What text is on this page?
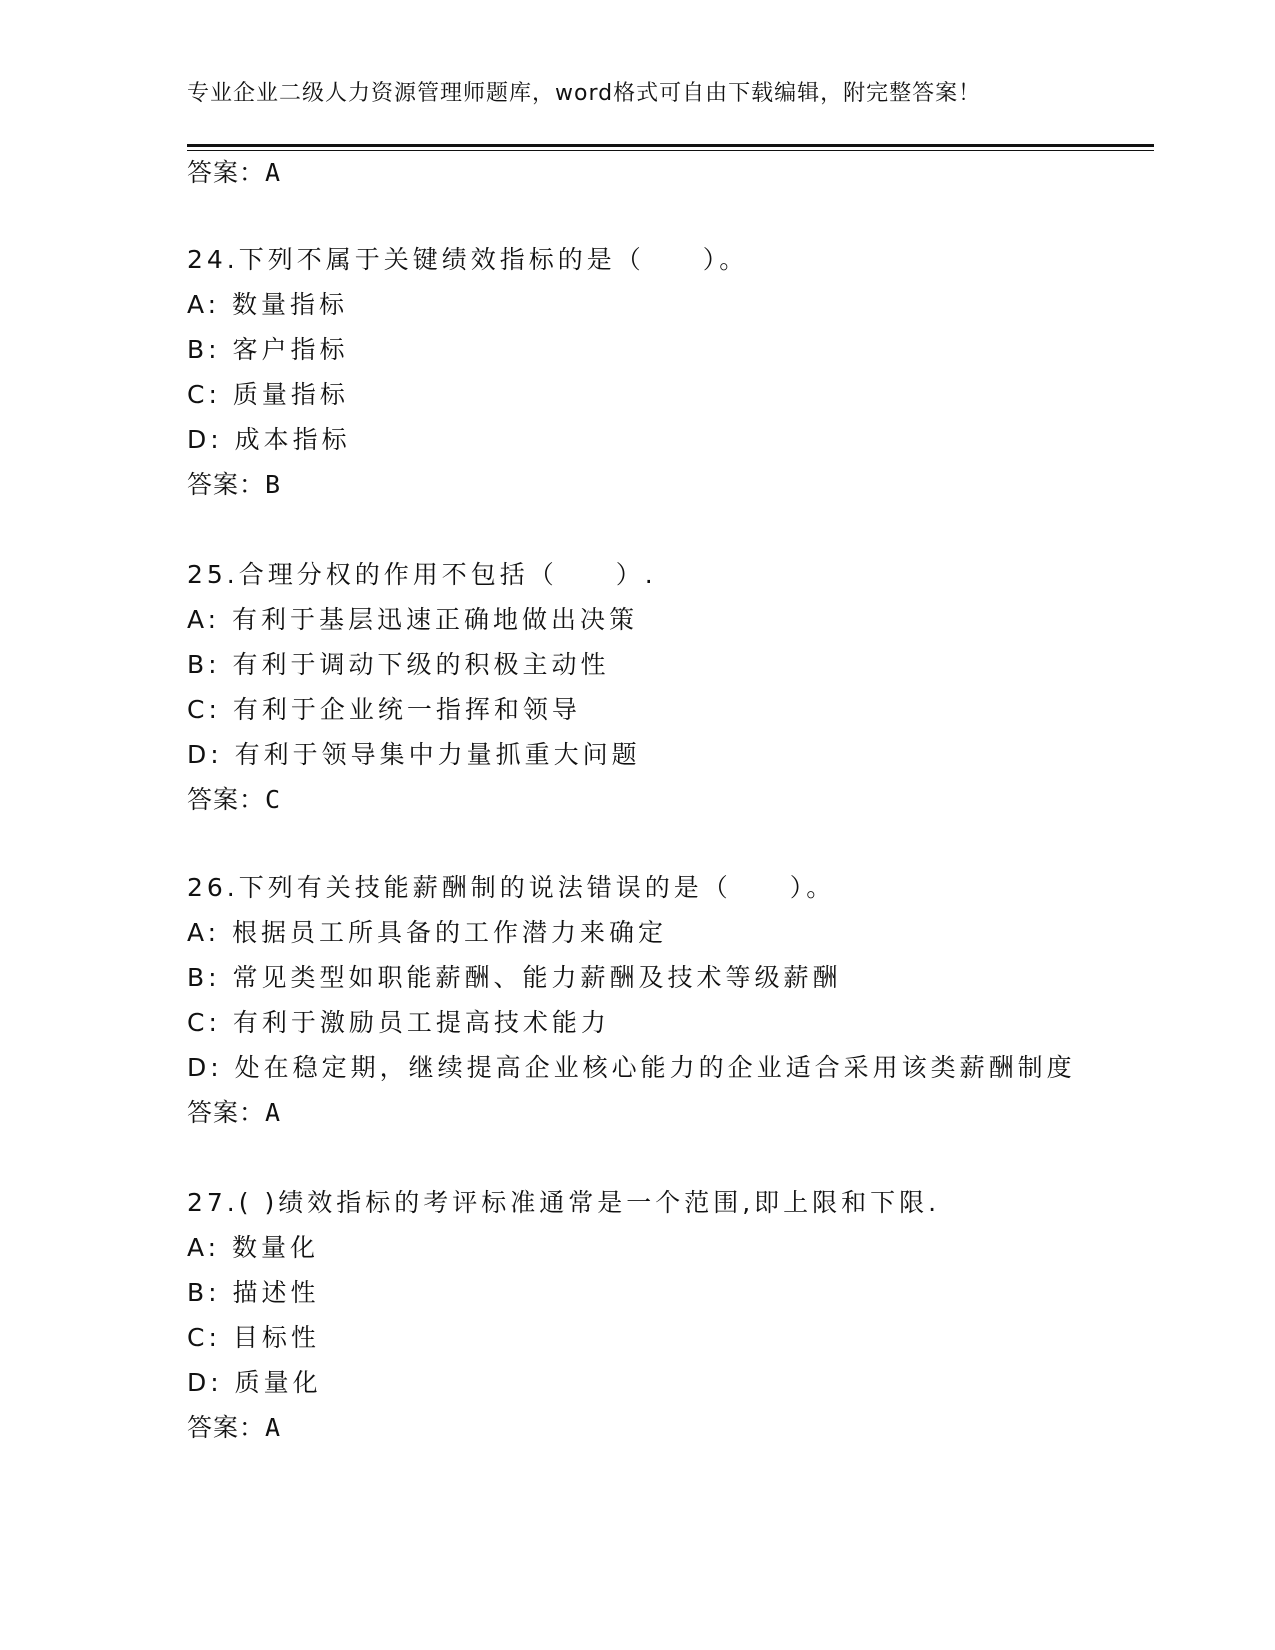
专业企业二级人力资源管理师题库，word格式可自由下载编辑，附完整答案！
答案：A
24.下列不属于关键绩效指标的是（　　）。
A: 数量指标
B: 客户指标
C: 质量指标
D: 成本指标
答案：B
25.合理分权的作用不包括（　　）.
A: 有利于基层迅速正确地做出决策
B: 有利于调动下级的积极主动性
C: 有利于企业统一指挥和领导
D: 有利于领导集中力量抓重大问题
答案：C
26.下列有关技能薪酬制的说法错误的是（　　）。
A: 根据员工所具备的工作潜力来确定
B: 常见类型如职能薪酬、能力薪酬及技术等级薪酬
C: 有利于激励员工提高技术能力
D: 处在稳定期，继续提高企业核心能力的企业适合采用该类薪酬制度
答案：A
27.( )绩效指标的考评标准通常是一个范围,即上限和下限.
A: 数量化
B: 描述性
C: 目标性
D: 质量化
答案：A
